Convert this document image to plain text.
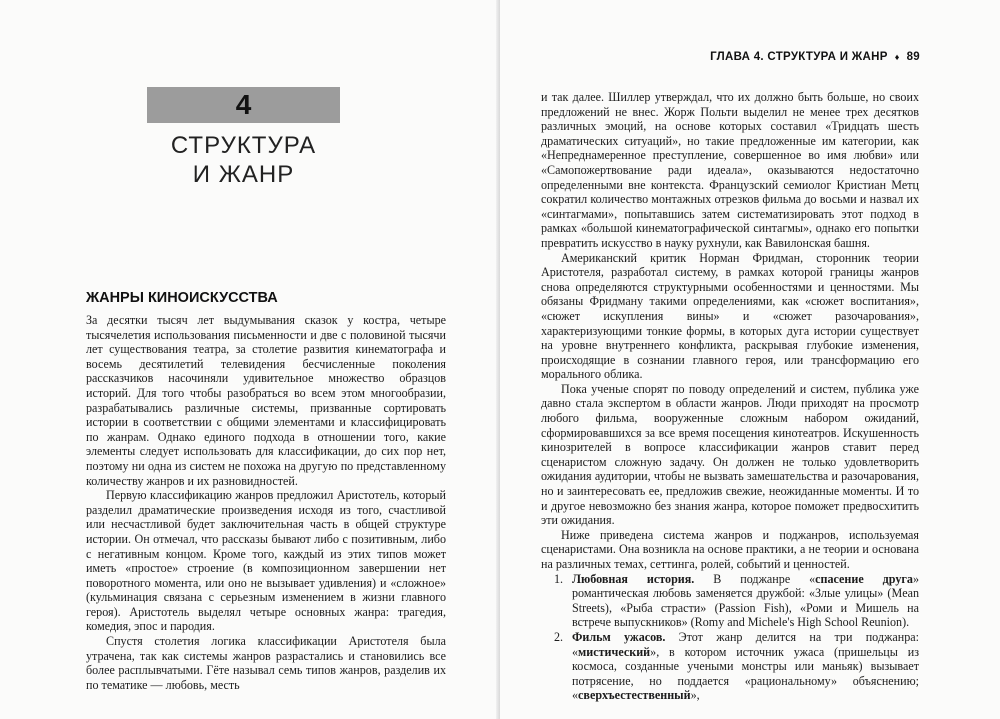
4
СТРУКТУРА
И ЖАНР
ЖАНРЫ КИНОИСКУССТВА

За десятки тысяч лет выдумывания сказок у костра, четыре тысячелетия использования письменности и две с половиной тысячи лет существования театра, за столетие развития кинематографа и восемь десятилетий телевидения бесчисленные поколения рассказчиков насочиняли удивительное множество образцов историй. Для того чтобы разобраться во всем этом многообразии, разрабатывались различные системы, призванные сортировать истории в соответствии с общими элементами и классифицировать по жанрам. Однако единого подхода в отношении того, какие элементы следует использовать для классификации, до сих пор нет, поэтому ни одна из систем не похожа на другую по представленному количеству жанров и их разновидностей.

Первую классификацию жанров предложил Аристотель, который разделил драматические произведения исходя из того, счастливой или несчастливой будет заключительная часть в общей структуре истории. Он отмечал, что рассказы бывают либо с позитивным, либо с негативным концом. Кроме того, каждый из этих типов может иметь «простое» строение (в композиционном завершении нет поворотного момента, или оно не вызывает удивления) и «сложное» (кульминация связана с серьезным изменением в жизни главного героя). Аристотель выделял четыре основных жанра: трагедия, комедия, эпос и пародия.

Спустя столетия логика классификации Аристотеля была утрачена, так как системы жанров разрастались и становились все более расплывчатыми. Гёте называл семь типов жанров, разделив их по тематике — любовь, месть

ГЛАВА 4. СТРУКТУРА И ЖАНР ♦ 89

и так далее. Шиллер утверждал, что их должно быть больше, но своих предложений не внес. Жорж Польти выделил не менее трех десятков различных эмоций, на основе которых составил «Тридцать шесть драматических ситуаций», но такие предложенные им категории, как «Непреднамеренное преступление, совершенное во имя любви» или «Самопожертвование ради идеала», оказываются недостаточно определенными вне контекста. Французский семиолог Кристиан Метц сократил количество монтажных отрезков фильма до восьми и назвал их «синтагмами», попытавшись затем систематизировать этот подход в рамках «большой кинематографической синтагмы», однако его попытки превратить искусство в науку рухнули, как Вавилонская башня.

Американский критик Норман Фридман, сторонник теории Аристотеля, разработал систему, в рамках которой границы жанров снова определяются структурными особенностями и ценностями. Мы обязаны Фридману такими определениями, как «сюжет воспитания», «сюжет искупления вины» и «сюжет разочарования», характеризующими тонкие формы, в которых дуга истории существует на уровне внутреннего конфликта, раскрывая глубокие изменения, происходящие в сознании главного героя, или трансформацию его морального облика.

Пока ученые спорят по поводу определений и систем, публика уже давно стала экспертом в области жанров. Люди приходят на просмотр любого фильма, вооруженные сложным набором ожиданий, сформировавшихся за все время посещения кинотеатров. Искушенность кинозрителей в вопросе классификации жанров ставит перед сценаристом сложную задачу. Он должен не только удовлетворить ожидания аудитории, чтобы не вызвать замешательства и разочарования, но и заинтересовать ее, предложив свежие, неожиданные моменты. И то и другое невозможно без знания жанра, которое поможет предвосхитить эти ожидания.

Ниже приведена система жанров и поджанров, используемая сценаристами. Она возникла на основе практики, а не теории и основана на различных темах, сеттинга, ролей, событий и ценностей.

1. Любовная история. В поджанре «спасение друга» романтическая любовь заменяется дружбой: «Злые улицы» (Mean Streets), «Рыба страсти» (Passion Fish), «Роми и Мишель на встрече выпускников» (Romy and Michele's High School Reunion).
2. Фильм ужасов. Этот жанр делится на три поджанра: «мистический», в котором источник ужаса (пришельцы из космоса, созданные учеными монстры или маньяк) вызывает потрясение, но поддается «рациональному» объяснению; «сверхъестественный»,
